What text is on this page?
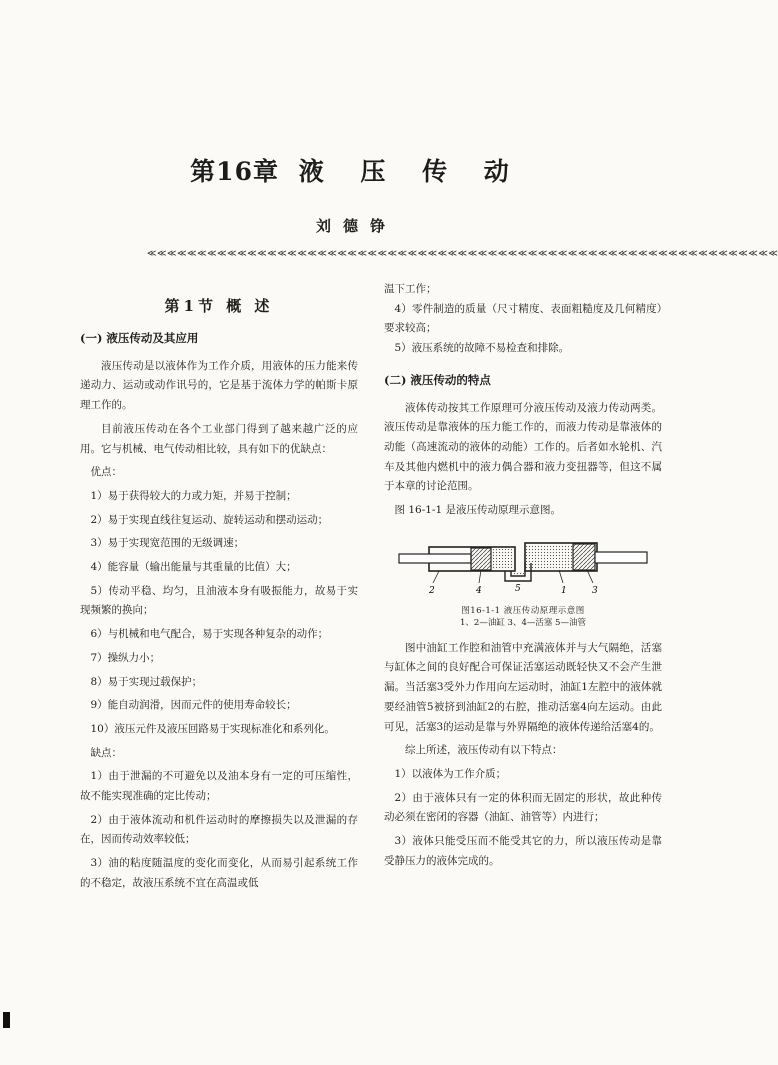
第16章 液 压 传 动
刘德铮
≪≪≪≪≪≪≪≪≪≪≪≪≪≪≪≪≪≪≪≪≪≪≪≪≪≪≪≪≪≪≪≪≪≪≪≪≪≪≪≪≪≪≪≪≪≪≪≪≪≪≪≪≪≪≪≪≪≪≪≪≪≪≪
第1节 概 述

(一) 液压传动及其应用

液压传动是以液体作为工作介质，用液体的压力能来传递动力、运动或动作讯号的，它是基于流体力学的帕斯卡原理工作的。

目前液压传动在各个工业部门得到了越来越广泛的应用。它与机械、电气传动相比较，具有如下的优缺点：

优点：

1）易于获得较大的力或力矩，并易于控制；

2）易于实现直线往复运动、旋转运动和摆动运动；

3）易于实现宽范围的无级调速；

4）能容量（输出能量与其重量的比值）大；

5）传动平稳、均匀，且油液本身有吸振能力，故易于实现频繁的换向；

6）与机械和电气配合，易于实现各种复杂的动作；

7）操纵力小；

8）易于实现过载保护；

9）能自动润滑，因而元件的使用寿命较长；

10）液压元件及液压回路易于实现标准化和系列化。

缺点：

1）由于泄漏的不可避免以及油本身有一定的可压缩性，故不能实现准确的定比传动；

2）由于液体流动和机件运动时的摩擦损失以及泄漏的存在，因而传动效率较低；

3）油的粘度随温度的变化而变化，从而易引起系统工作的不稳定，故液压系统不宜在高温或低

温下工作；

4）零件制造的质量（尺寸精度、表面粗糙度及几何精度）要求较高；

5）液压系统的故障不易检查和排除。

(二) 液压传动的特点

液体传动按其工作原理可分液压传动及液力传动两类。液压传动是靠液体的压力能工作的，而液力传动是靠液体的动能（高速流动的液体的动能）工作的。后者如水轮机、汽车及其他内燃机中的液力偶合器和液力变扭器等，但这不属于本章的讨论范围。

图 16-1-1 是液压传动原理示意图。

2	4	5	1	3
图16-1-1 液压传动原理示意图
1、2—油缸 3、4—活塞 5—油管

图中油缸工作腔和油管中充满液体并与大气隔绝，活塞与缸体之间的良好配合可保证活塞运动既轻快又不会产生泄漏。当活塞3受外力作用向左运动时，油缸1左腔中的液体就要经油管5被挤到油缸2的右腔，推动活塞4向左运动。由此可见，活塞3的运动是靠与外界隔绝的液体传递给活塞4的。

综上所述，液压传动有以下特点：

1）以液体为工作介质；

2）由于液体只有一定的体积而无固定的形状，故此种传动必须在密闭的容器（油缸、油管等）内进行；

3）液体只能受压而不能受其它的力，所以液压传动是靠受静压力的液体完成的。
